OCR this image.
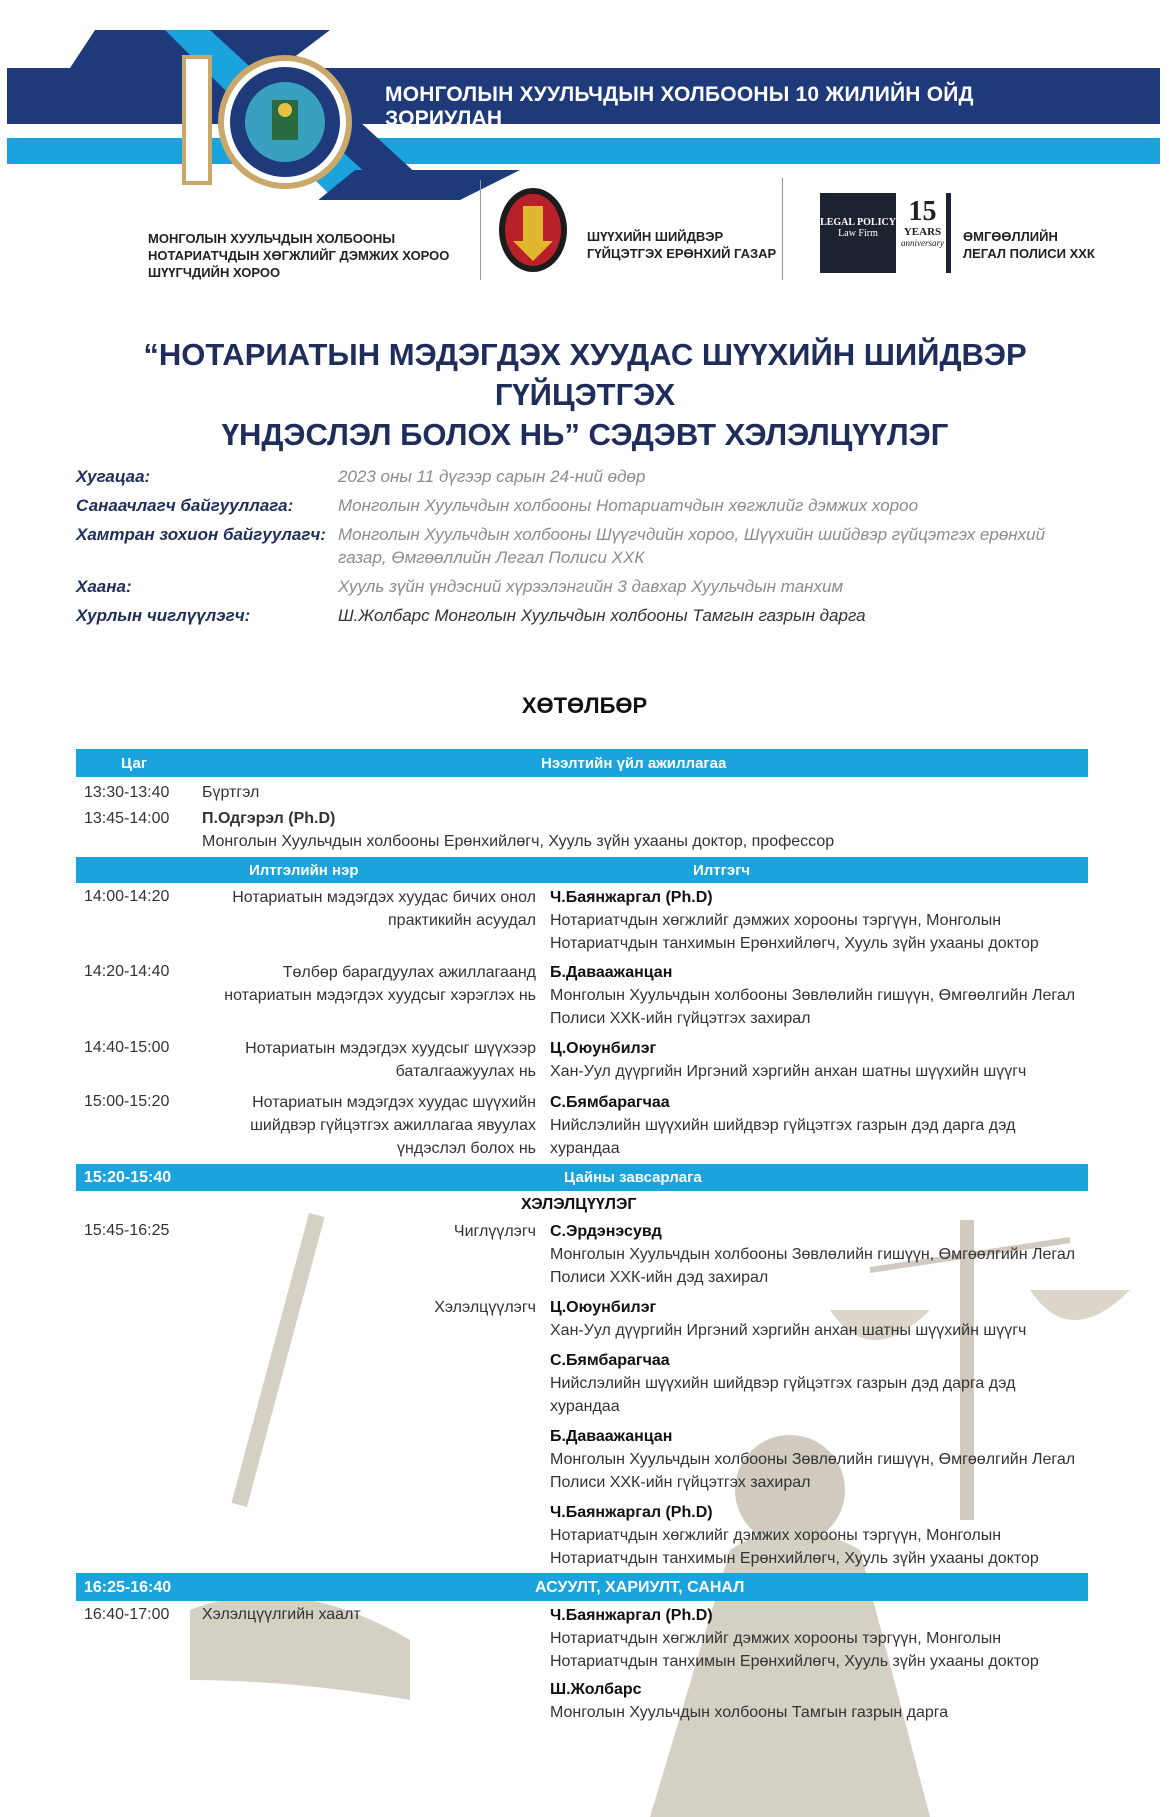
МОНГОЛЫН ХУУЛЬЧДЫН ХОЛБООНЫ 10 ЖИЛИЙН ОЙД ЗОРИУЛАН
МОНГОЛЫН ХУУЛЬЧДЫН ХОЛБООНЫ
НОТАРИАТЧДЫН ХӨГЖЛИЙГ ДЭМЖИХ ХОРОО
ШҮҮГЧДИЙН ХОРОО
ШҮҮХИЙН ШИЙДВЭР
ГҮЙЦЭТГЭХ ЕРӨНХИЙ ГАЗАР
LEGAL POLICY
Law Firm
15
YEARS
anniversary ӨМГӨӨЛЛИЙН
ЛЕГАЛ ПОЛИСИ ХХК
“НОТАРИАТЫН МЭДЭГДЭХ ХУУДАС ШҮҮХИЙН ШИЙДВЭР ГҮЙЦЭТГЭХ
ҮНДЭСЛЭЛ БОЛОХ НЬ” СЭДЭВТ ХЭЛЭЛЦҮҮЛЭГ
Хугацаа:	2023 оны 11 дүгээр сарын 24-ний өдөр
Санаачлагч байгууллага:	Монголын Хуульчдын холбооны Нотариатчдын хөгжлийг дэмжих хороо
Хамтран зохион байгуулагч: Монголын Хуульчдын холбооны Шүүгчдийн хороо, Шүүхийн шийдвэр гүйцэтгэх ерөнхий газар, Өмгөөллийн Легал Полиси ХХК
Хаана:	Хууль зүйн үндэсний хүрээлэнгийн 3 давхар Хуульчдын танхим
Хурлын чиглүүлэгч:	Ш.Жолбарс Монголын Хуульчдын холбооны Тамгын газрын дарга
ХӨТӨЛБӨР
Цаг	Нээлтийн үйл ажиллагаа
13:30-13:40 Бүртгэл
13:45-14:00 П.Одгэрэл (Ph.D)
Монголын Хуульчдын холбооны Ерөнхийлөгч, Хууль зүйн ухааны доктор, профессор
Илтгэлийн нэр	Илтгэгч
14:00-14:20	Нотариатын мэдэгдэх хуудас бичих онол практикийн асуудал
Ч.Баянжаргал (Ph.D)
Нотариатчдын хөгжлийг дэмжих хорооны тэргүүн, Монголын Нотариатчдын танхимын Ерөнхийлөгч, Хууль зүйн ухааны доктор
14:20-14:40	Төлбөр барагдуулах ажиллагаанд нотариатын мэдэгдэх хуудсыг хэрэглэх нь
Б.Даваажанцан
Монголын Хуульчдын холбооны Зөвлөлийн гишүүн, Өмгөөлгийн Легал Полиси ХХК-ийн гүйцэтгэх захирал
14:40-15:00	Нотариатын мэдэгдэх хуудсыг шүүхээр баталгаажуулах нь
Ц.Оюунбилэг
Хан-Уул дүүргийн Иргэний хэргийн анхан шатны шүүхийн шүүгч
15:00-15:20	Нотариатын мэдэгдэх хуудас шүүхийн шийдвэр гүйцэтгэх ажиллагаа явуулах үндэслэл болох нь
С.Бямбарагчаа
Нийслэлийн шүүхийн шийдвэр гүйцэтгэх газрын дэд дарга дэд хурандаа
15:20-15:40	Цайны завсарлага
ХЭЛЭЛЦҮҮЛЭГ
15:45-16:25	Чиглүүлэгч С.Эрдэнэсувд
Монголын Хуульчдын холбооны Зөвлөлийн гишүүн, Өмгөөлгийн Легал Полиси ХХК-ийн дэд захирал
Хэлэлцүүлэгч Ц.Оюунбилэг
Хан-Уул дүүргийн Иргэний хэргийн анхан шатны шүүхийн шүүгч
С.Бямбарагчаа
Нийслэлийн шүүхийн шийдвэр гүйцэтгэх газрын дэд дарга дэд хурандаа
Б.Даваажанцан
Монголын Хуульчдын холбооны Зөвлөлийн гишүүн, Өмгөөлгийн Легал Полиси ХХК-ийн гүйцэтгэх захирал
Ч.Баянжаргал (Ph.D)
Нотариатчдын хөгжлийг дэмжих хорооны тэргүүн, Монголын Нотариатчдын танхимын Ерөнхийлөгч, Хууль зүйн ухааны доктор
16:25-16:40	АСУУЛТ, ХАРИУЛТ, САНАЛ
16:40-17:00 Хэлэлцүүлгийн хаалт	Ч.Баянжаргал (Ph.D)
Нотариатчдын хөгжлийг дэмжих хорооны тэргүүн, Монголын Нотариатчдын танхимын Ерөнхийлөгч, Хууль зүйн ухааны доктор
Ш.Жолбарс
Монголын Хуульчдын холбооны Тамгын газрын дарга
